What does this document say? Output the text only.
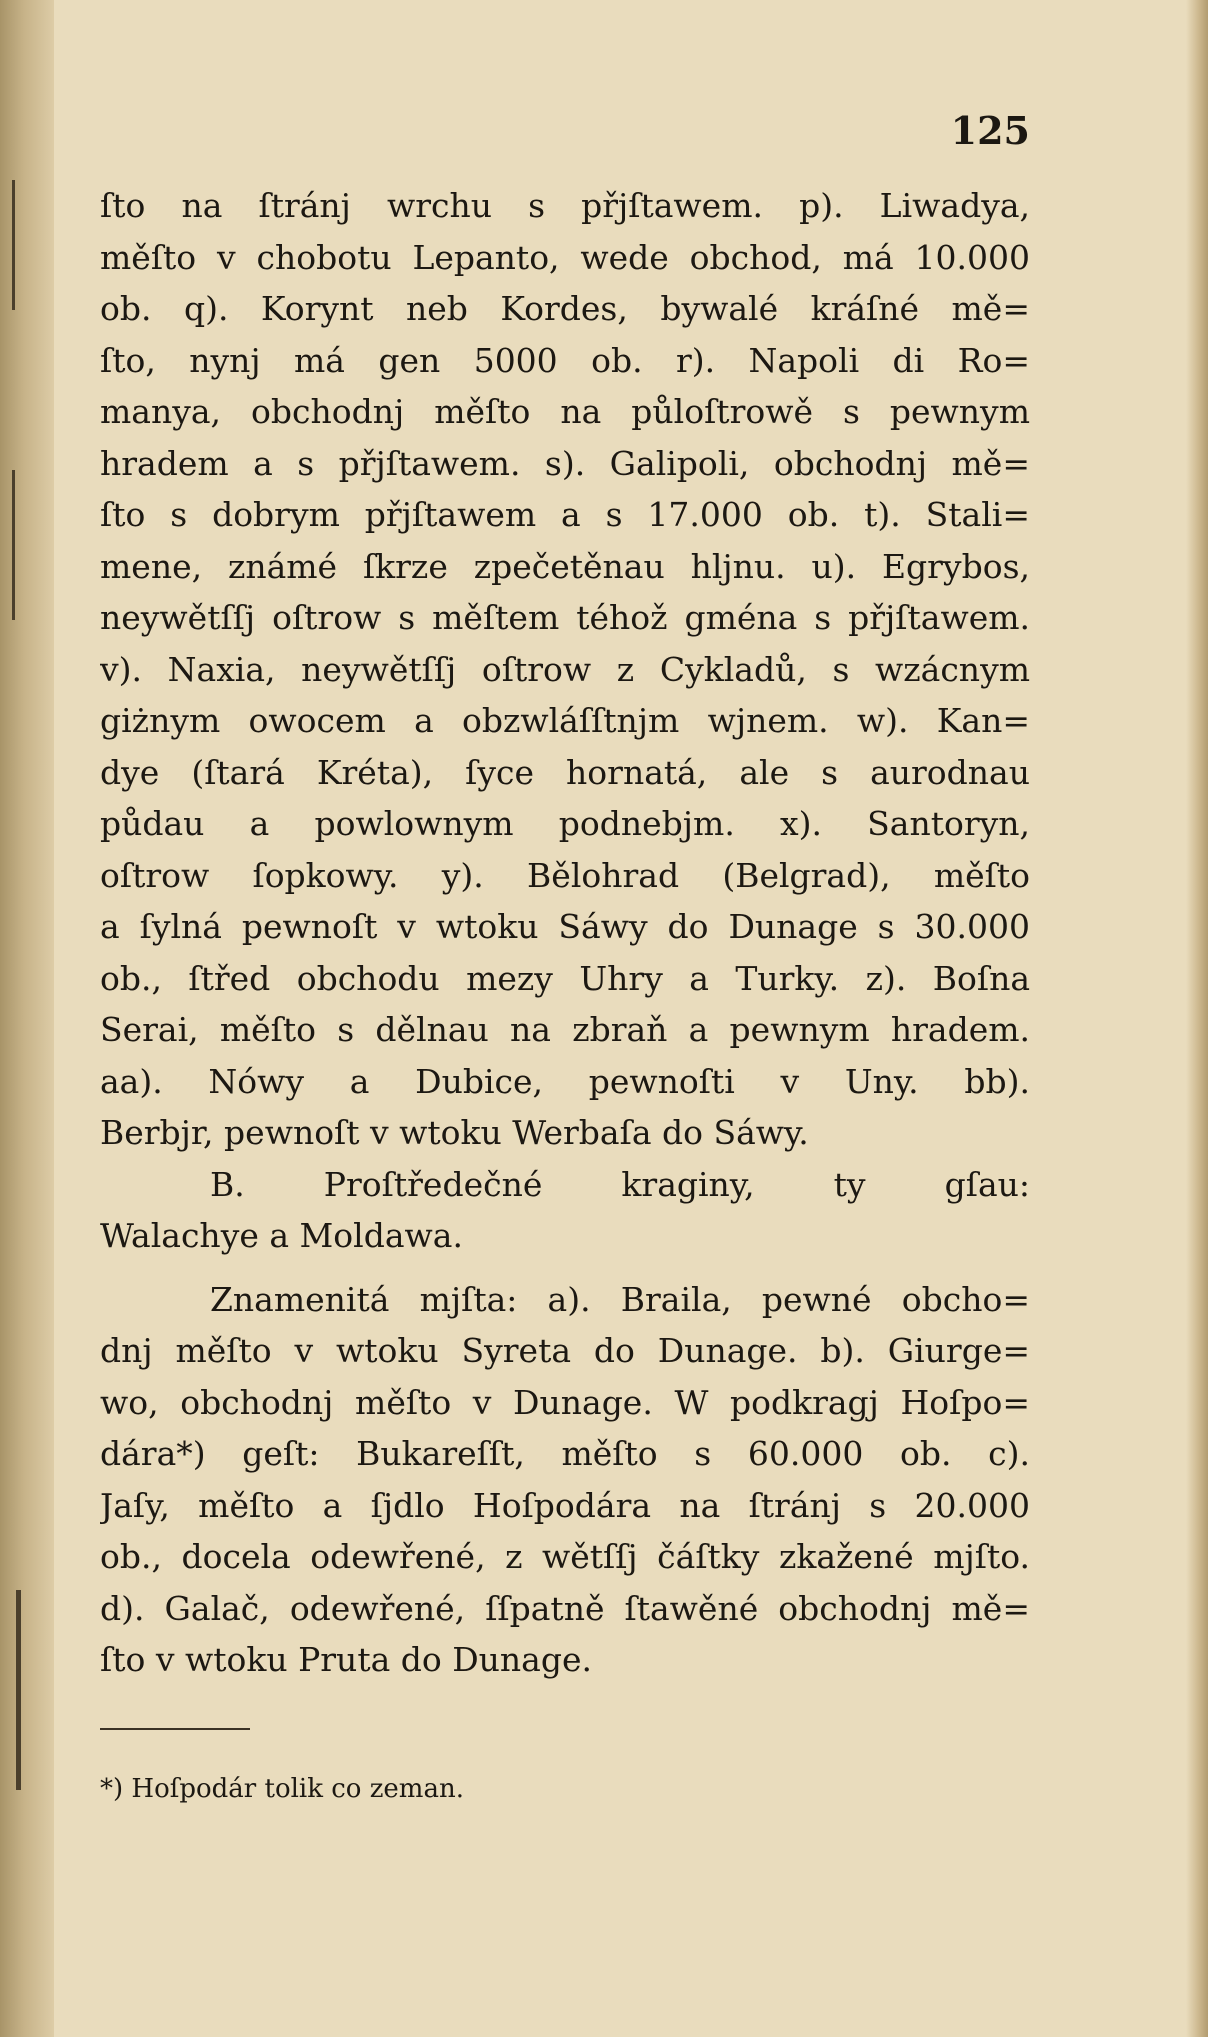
125
ſto na ſtránj wrchu s přjſtawem. p). Liwadya,
měſto v chobotu Lepanto, wede obchod, má 10.000
ob. q). Korynt neb Kordes, bywalé kráſné mě=
ſto, nynj má gen 5000 ob. r). Napoli di Ro=
manya, obchodnj měſto na půloſtrowě s pewnym
hradem a s přjſtawem. s). Galipoli, obchodnj mě=
ſto s dobrym přjſtawem a s 17.000 ob. t). Stali=
mene, známé ſkrze zpečetěnau hljnu. u). Egrybos,
neywětſſj oſtrow s měſtem téhož gména s přjſtawem.
v). Naxia, neywětſſj oſtrow z Cykladů, s wzácnym
giżnym owocem a obzwláſſtnjm wjnem. w). Kan=
dye (ſtará Kréta), ſyce hornatá, ale s aurodnau
půdau a powlownym podnebjm. x). Santoryn,
oſtrow ſopkowy. y). Bělohrad (Belgrad), měſto
a ſylná pewnoſt v wtoku Sáwy do Dunage s 30.000
ob., ſtřed obchodu mezy Uhry a Turky. z). Boſna
Serai, měſto s dělnau na zbraň a pewnym hradem.
aa). Nówy a Dubice, pewnoſti v Uny. bb).
Berbjr, pewnoſt v wtoku Werbaſa do Sáwy.
B. Proſtředečné kraginy, ty gſau:
Walachye a Moldawa.
Znamenitá mjſta: a). Braila, pewné obcho=
dnj měſto v wtoku Syreta do Dunage. b). Giurge=
wo, obchodnj měſto v Dunage. W podkragj Hoſpo=
dára*) geſt: Bukareſſt, měſto s 60.000 ob. c).
Jaſy, měſto a ſjdlo Hoſpodára na ſtránj s 20.000
ob., docela odewřené, z wětſſj čáſtky zkažené mjſto.
d). Galač, odewřené, ſſpatně ſtawěné obchodnj mě=
ſto v wtoku Pruta do Dunage.
*) Hoſpodár tolik co zeman.
